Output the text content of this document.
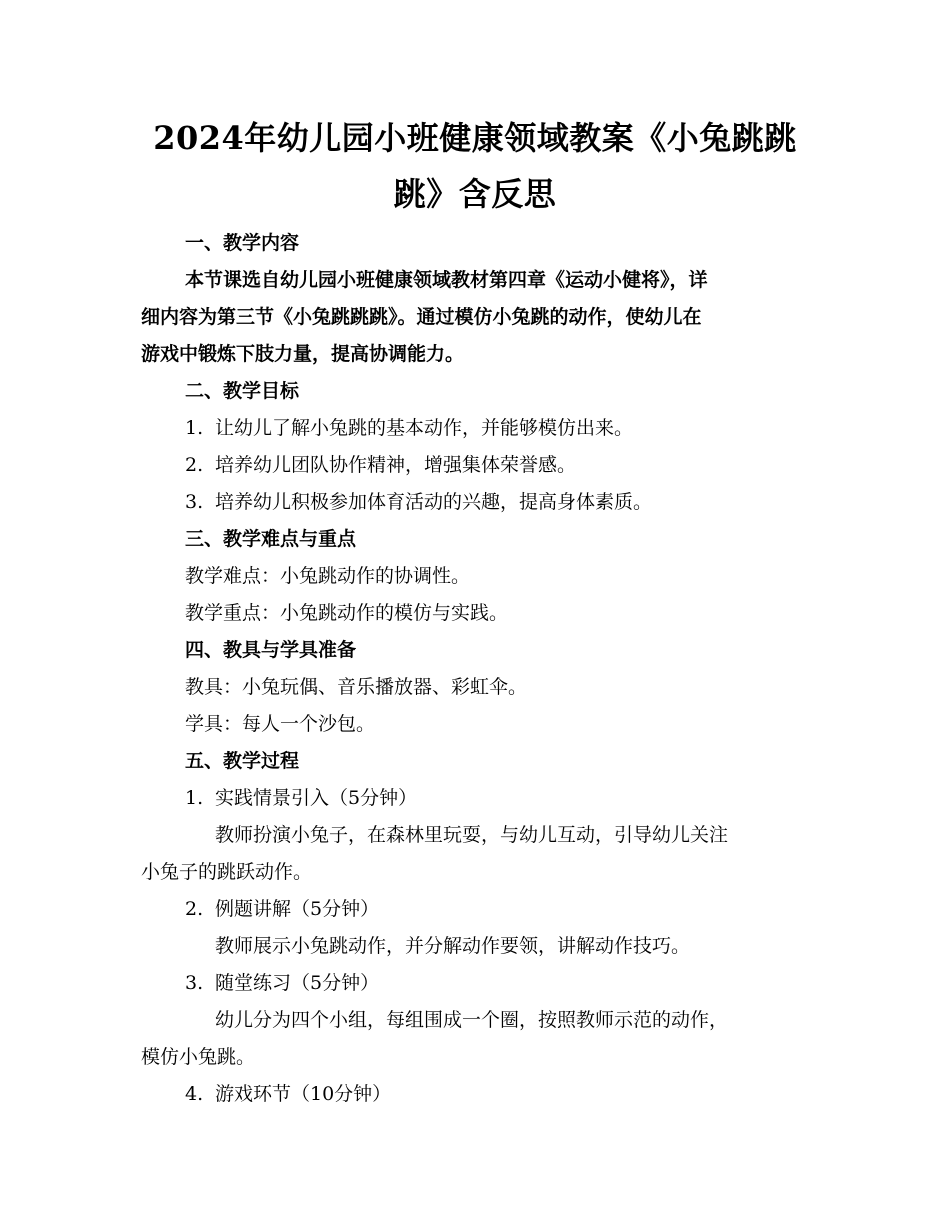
2024年幼儿园小班健康领域教案《小兔跳跳
跳》含反思
一、教学内容
本节课选自幼儿园小班健康领域教材第四章《运动小健将》，详
细内容为第三节《小兔跳跳跳》。通过模仿小兔跳的动作，使幼儿在
游戏中锻炼下肢力量，提高协调能力。
二、教学目标
1. 让幼儿了解小兔跳的基本动作，并能够模仿出来。
2. 培养幼儿团队协作精神，增强集体荣誉感。
3. 培养幼儿积极参加体育活动的兴趣，提高身体素质。
三、教学难点与重点
教学难点：小兔跳动作的协调性。
教学重点：小兔跳动作的模仿与实践。
四、教具与学具准备
教具：小兔玩偶、音乐播放器、彩虹伞。
学具：每人一个沙包。
五、教学过程
1. 实践情景引入（5分钟）
教师扮演小兔子，在森林里玩耍，与幼儿互动，引导幼儿关注
小兔子的跳跃动作。
2. 例题讲解（5分钟）
教师展示小兔跳动作，并分解动作要领，讲解动作技巧。
3. 随堂练习（5分钟）
幼儿分为四个小组，每组围成一个圈，按照教师示范的动作，
模仿小兔跳。
4. 游戏环节（10分钟）
